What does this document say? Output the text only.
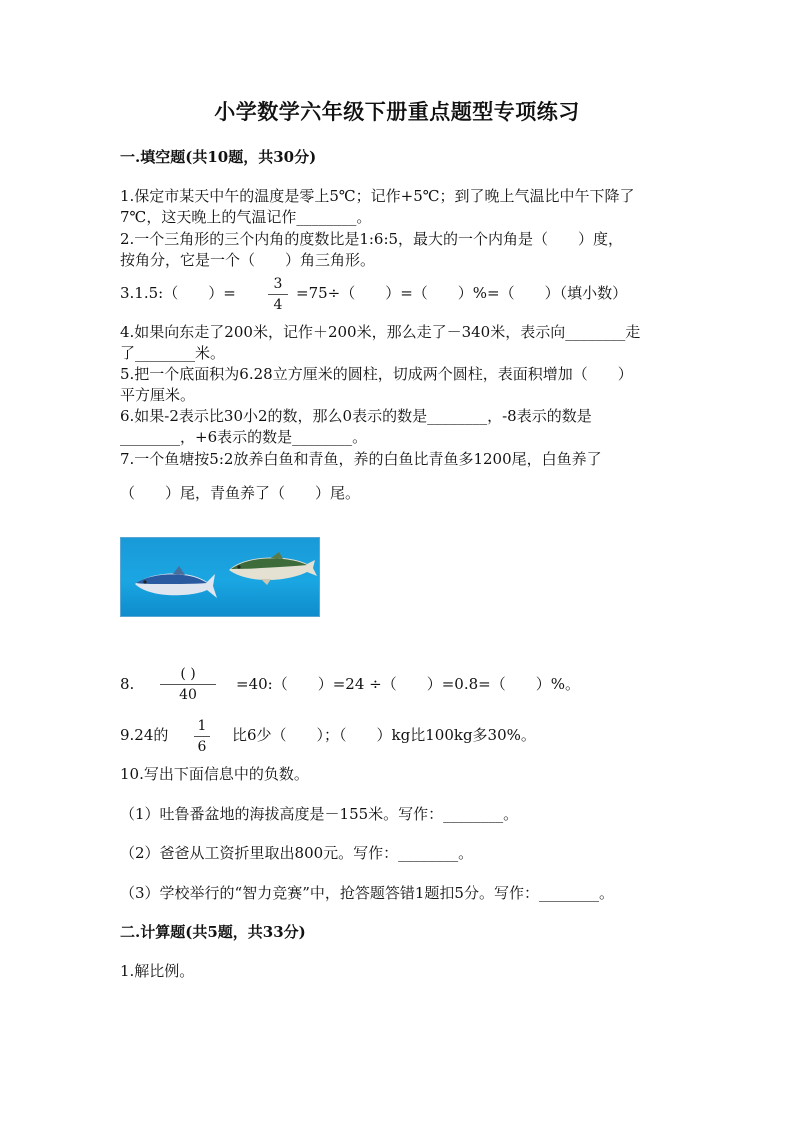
小学数学六年级下册重点题型专项练习
一.填空题(共10题，共30分)
1.保定市某天中午的温度是零上5℃；记作+5℃；到了晚上气温比中午下降了
7℃，这天晚上的气温记作________。
2.一个三角形的三个内角的度数比是1:6:5，最大的一个内角是（　　）度，
按角分，它是一个（　　）角三角形。
3.1.5:（　　）=	3
4
=75÷（　　）=（　　）%=（　　）（填小数）
4.如果向东走了200米，记作＋200米，那么走了－340米，表示向________走
了________米。
5.把一个底面积为6.28立方厘米的圆柱，切成两个圆柱，表面积增加（　　）
平方厘米。
6.如果-2表示比30小2的数，那么0表示的数是________，-8表示的数是
________，+6表示的数是________。
7.一个鱼塘按5:2放养白鱼和青鱼，养的白鱼比青鱼多1200尾，白鱼养了
（　　）尾，青鱼养了（　　）尾。
8.
( )
40
=40:（　　）=24 ÷（　　）=0.8=（　　）%。
9.24的 1
6
比6少（　　）；（　　）kg比100kg多30%。
10.写出下面信息中的负数。
（1）吐鲁番盆地的海拔高度是－155米。写作：________。
（2）爸爸从工资折里取出800元。写作：________。
（3）学校举行的“智力竞赛”中，抢答题答错1题扣5分。写作：________。
二.计算题(共5题，共33分)
1.解比例。
